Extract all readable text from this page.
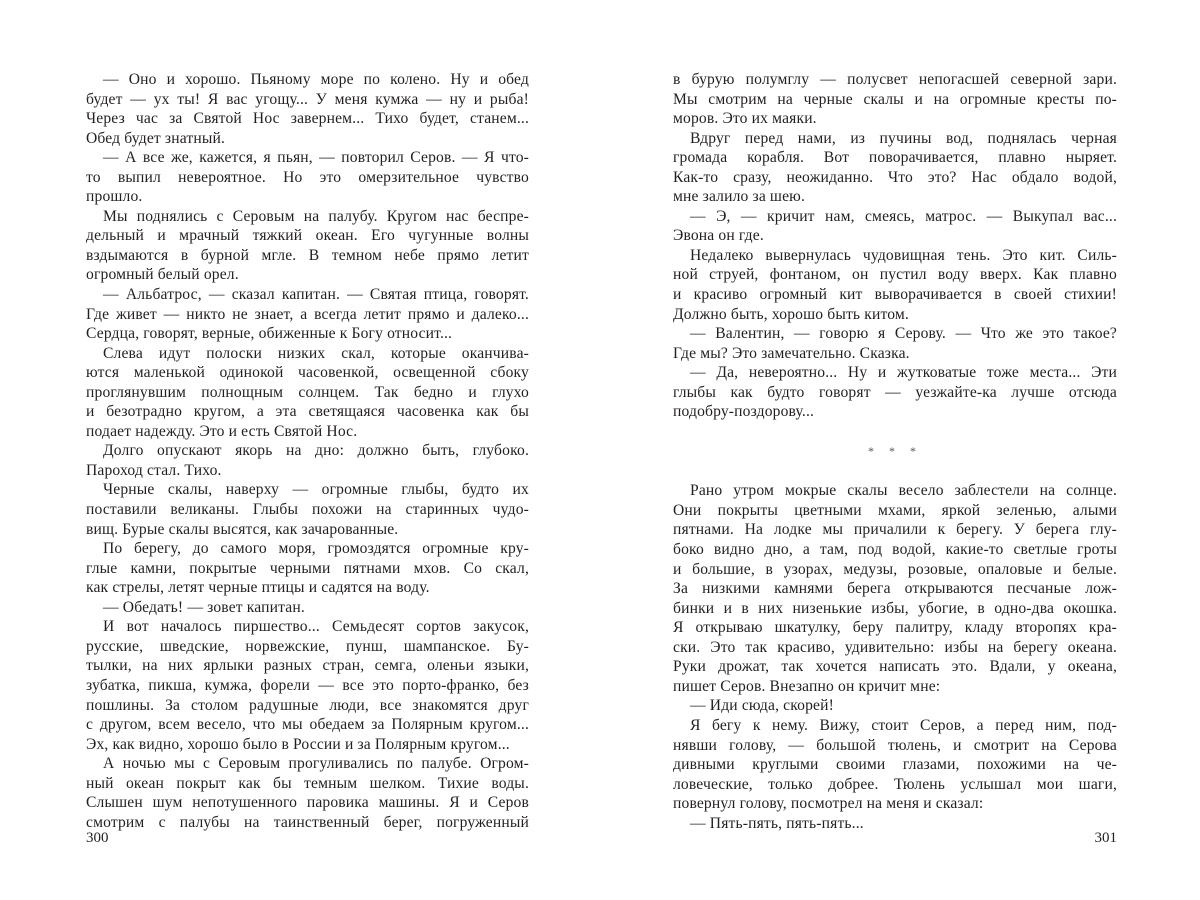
— Оно и хорошо. Пьяному море по колено. Ну и обед
будет — ух ты! Я вас угощу... У меня кумжа — ну и рыба!
Через час за Святой Нос завернем... Тихо будет, станем...
Обед будет знатный.
— А все же, кажется, я пьян, — повторил Серов. — Я что-
то выпил невероятное. Но это омерзительное чувство
прошло.
Мы поднялись с Серовым на палубу. Кругом нас беспре-
дельный и мрачный тяжкий океан. Его чугунные волны
вздымаются в бурной мгле. В темном небе прямо летит
огромный белый орел.
— Альбатрос, — сказал капитан. — Святая птица, говорят.
Где живет — никто не знает, а всегда летит прямо и далеко...
Сердца, говорят, верные, обиженные к Богу относит...
Слева идут полоски низких скал, которые оканчива-
ются маленькой одинокой часовенкой, освещенной сбоку
проглянувшим полнощным солнцем. Так бедно и глухо
и безотрадно кругом, а эта светящаяся часовенка как бы
подает надежду. Это и есть Святой Нос.
Долго опускают якорь на дно: должно быть, глубоко.
Пароход стал. Тихо.
Черные скалы, наверху — огромные глыбы, будто их
поставили великаны. Глыбы похожи на старинных чудо-
вищ. Бурые скалы высятся, как зачарованные.
По берегу, до самого моря, громоздятся огромные кру-
глые камни, покрытые черными пятнами мхов. Со скал,
как стрелы, летят черные птицы и садятся на воду.
— Обедать! — зовет капитан.
И вот началось пиршество... Семьдесят сортов закусок,
русские, шведские, норвежские, пунш, шампанское. Бу-
тылки, на них ярлыки разных стран, семга, оленьи языки,
зубатка, пикша, кумжа, форели — все это порто-франко, без
пошлины. За столом радушные люди, все знакомятся друг
с другом, всем весело, что мы обедаем за Полярным кругом...
Эх, как видно, хорошо было в России и за Полярным кругом...
А ночью мы с Серовым прогуливались по палубе. Огром-
ный океан покрыт как бы темным шелком. Тихие воды.
Слышен шум непотушенного паровика машины. Я и Серов
смотрим с палубы на таинственный берег, погруженный
300
в бурую полумглу — полусвет непогасшей северной зари.
Мы смотрим на черные скалы и на огромные кресты по-
моров. Это их маяки.
Вдруг перед нами, из пучины вод, поднялась черная
громада корабля. Вот поворачивается, плавно ныряет.
Как-то сразу, неожиданно. Что это? Нас обдало водой,
мне залило за шею.
— Э, — кричит нам, смеясь, матрос. — Выкупал вас...
Эвона он где.
Недалеко вывернулась чудовищная тень. Это кит. Силь-
ной струей, фонтаном, он пустил воду вверх. Как плавно
и красиво огромный кит выворачивается в своей стихии!
Должно быть, хорошо быть китом.
— Валентин, — говорю я Серову. — Что же это такое?
Где мы? Это замечательно. Сказка.
— Да, невероятно... Ну и жутковатые тоже места... Эти
глыбы как будто говорят — уезжайте-ка лучше отсюда
подобру-поздорову...
* * *
Рано утром мокрые скалы весело заблестели на солнце.
Они покрыты цветными мхами, яркой зеленью, алыми
пятнами. На лодке мы причалили к берегу. У берега глу-
боко видно дно, а там, под водой, какие-то светлые гроты
и большие, в узорах, медузы, розовые, опаловые и белые.
За низкими камнями берега открываются песчаные лож-
бинки и в них низенькие избы, убогие, в одно-два окошка.
Я открываю шкатулку, беру палитру, кладу второпях кра-
ски. Это так красиво, удивительно: избы на берегу океана.
Руки дрожат, так хочется написать это. Вдали, у океана,
пишет Серов. Внезапно он кричит мне:
— Иди сюда, скорей!
Я бегу к нему. Вижу, стоит Серов, а перед ним, под-
нявши голову, — большой тюлень, и смотрит на Серова
дивными круглыми своими глазами, похожими на че-
ловеческие, только добрее. Тюлень услышал мои шаги,
повернул голову, посмотрел на меня и сказал:
— Пять-пять, пять-пять...
301
